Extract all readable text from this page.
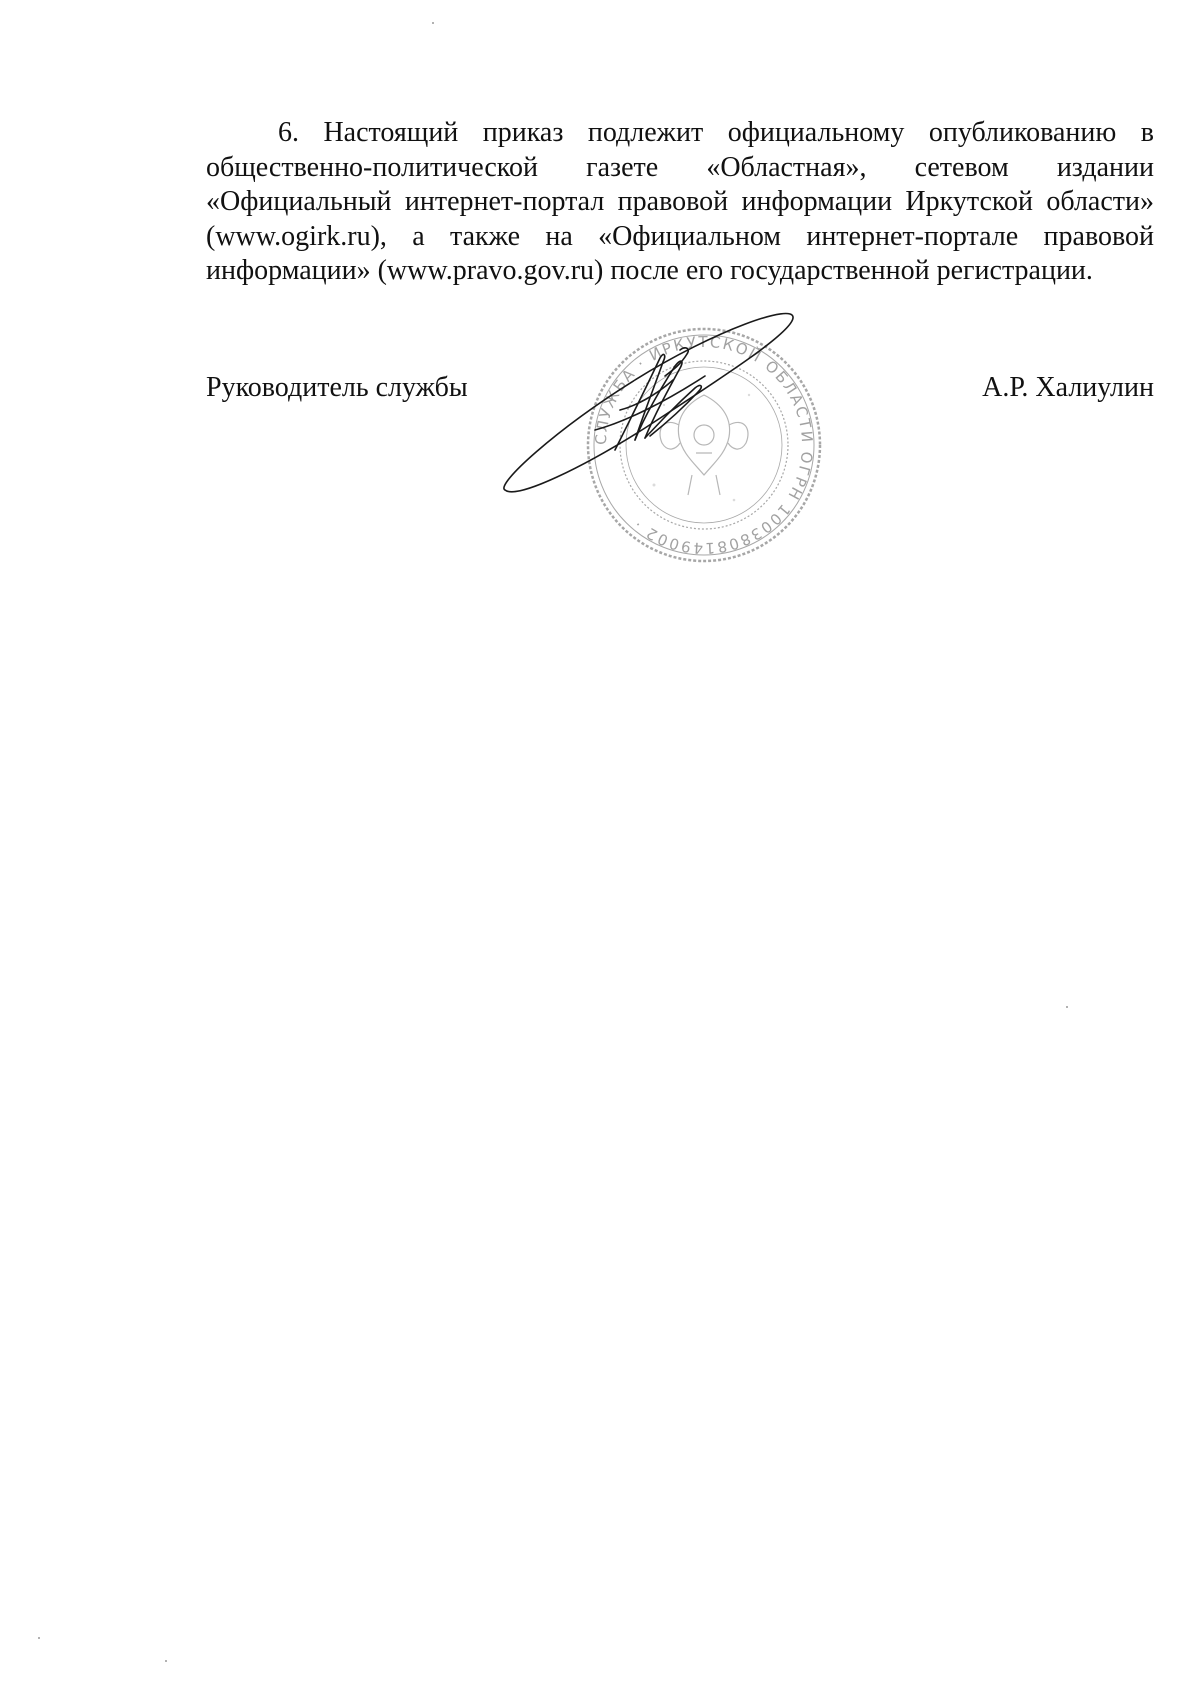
6. Настоящий приказ подлежит официальному опубликованию в общественно-политической газете «Областная», сетевом издании «Официальный интернет-портал правовой информации Иркутской области» (www.ogirk.ru), а также на «Официальном интернет-портале правовой информации» (www.pravo.gov.ru) после его государственной регистрации.

Руководитель службы	А.Р. Халиулин
СЛУЖБА · ИРКУТСКОЙ ОБЛАСТИ ОГРН 1003808149002 ·
